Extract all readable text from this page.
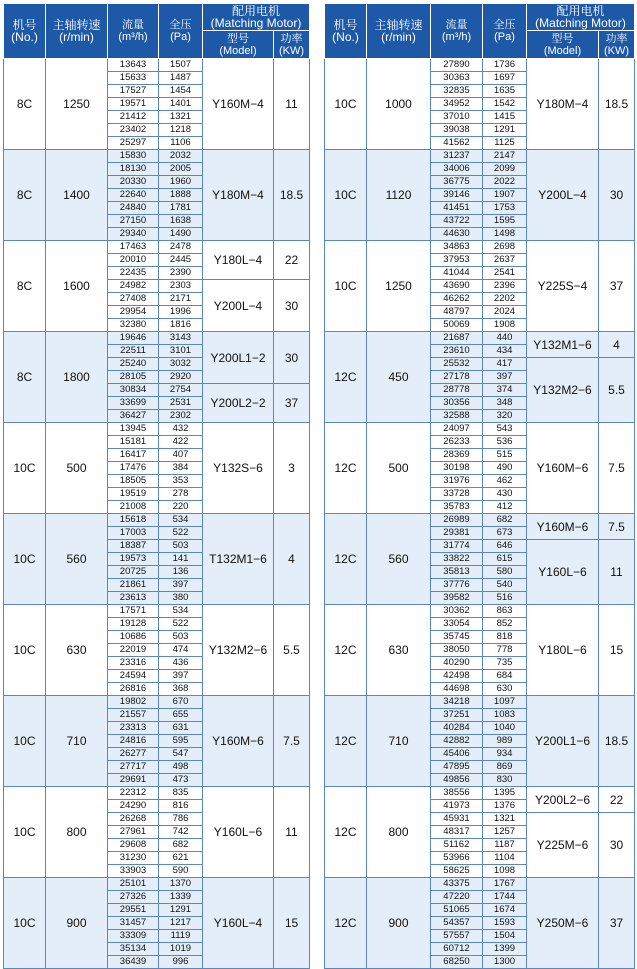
机号
(No.)	主轴转速
(r/min)	流量
(m³/h)	全压
(Pa)	配用电机
(Matching Motor)	
				型号
(Model)	功率
(KW)
8C	1250	13643	1507	Y160M−4	11
		15633	1487		
		17527	1454		
		19571	1401		
		21412	1321		
		23402	1218		
		25297	1106		
8C	1400	15830	2032	Y180M−4	18.5
		18130	2005		
		20330	1960		
		22640	1888		
		24840	1781		
		27150	1638		
		29340	1490		
8C	1600	17463	2478	Y180L−4	22
		20010	2445		
		22435	2390		
		24982	2303	Y200L−4	30
		27408	2171		
		29954	1996		
		32380	1816		
8C	1800	19646	3143	Y200L1−2	30
		22511	3101		
		25240	3032		
		28105	2920		
		30834	2754	Y200L2−2	37
		33699	2531		
		36427	2302		
10C	500	13945	432	Y132S−6	3
		15181	422		
		16417	407		
		17476	384		
		18505	353		
		19519	278		
		21008	220		
10C	560	15618	534	T132M1−6	4
		17003	522		
		18387	503		
		19573	141		
		20725	136		
		21861	397		
		23613	380		
10C	630	17571	534	Y132M2−6	5.5
		19128	522		
		10686	503		
		22019	474		
		23316	436		
		24594	397		
		26816	368		
10C	710	19802	670	Y160M−6	7.5
		21557	655		
		23313	631		
		24816	595		
		26277	547		
		27717	498		
		29691	473		
10C	800	22312	835	Y160L−6	11
		24290	816		
		26268	786		
		27961	742		
		29608	682		
		31230	621		
		33903	590		
10C	900	25101	1370	Y160L−4	15
		27326	1339		
		29551	1291		
		31457	1217		
		33309	1119		
		35134	1019		
		36439	996		
机号
(No.)	主轴转速
(r/min)	流量
(m³/h)	全压
(Pa)	配用电机
(Matching Motor)	
				型号
(Model)	功率
(KW)
10C	1000	27890	1736	Y180M−4	18.5
		30363	1697		
		32835	1635		
		34952	1542		
		37010	1415		
		39038	1291		
		41562	1125		
10C	1120	31237	2147	Y200L−4	30
		34006	2099		
		36775	2022		
		39146	1907		
		41451	1753		
		43722	1595		
		44630	1498		
10C	1250	34863	2698	Y225S−4	37
		37953	2637		
		41044	2541		
		43690	2396		
		46262	2202		
		48797	2024		
		50069	1908		
12C	450	21687	440	Y132M1−6	4
		23610	434		
		25532	417	Y132M2−6	5.5
		27178	397		
		28778	374		
		30356	348		
		32588	320		
12C	500	24097	543	Y160M−6	7.5
		26233	536		
		28369	515		
		30198	490		
		31976	462		
		33728	430		
		35783	412		
12C	560	26989	682	Y160M−6	7.5
		29381	673		
		31774	646	Y160L−6	11
		33822	615		
		35813	580		
		37776	540		
		39582	516		
12C	630	30362	863	Y180L−6	15
		33054	852		
		35745	818		
		38050	778		
		40290	735		
		42498	684		
		44698	630		
12C	710	34218	1097	Y200L1−6	18.5
		37251	1083		
		40284	1040		
		42882	989		
		45406	934		
		47895	869		
		49856	830		
12C	800	38556	1395	Y200L2−6	22
		41973	1376		
		45931	1321	Y225M−6	30
		48317	1257		
		51162	1187		
		53966	1104		
		58625	1098		
12C	900	43375	1767	Y250M−6	37
		47220	1744		
		51065	1674		
		54357	1593		
		57557	1504		
		60712	1399		
		68250	1300		
